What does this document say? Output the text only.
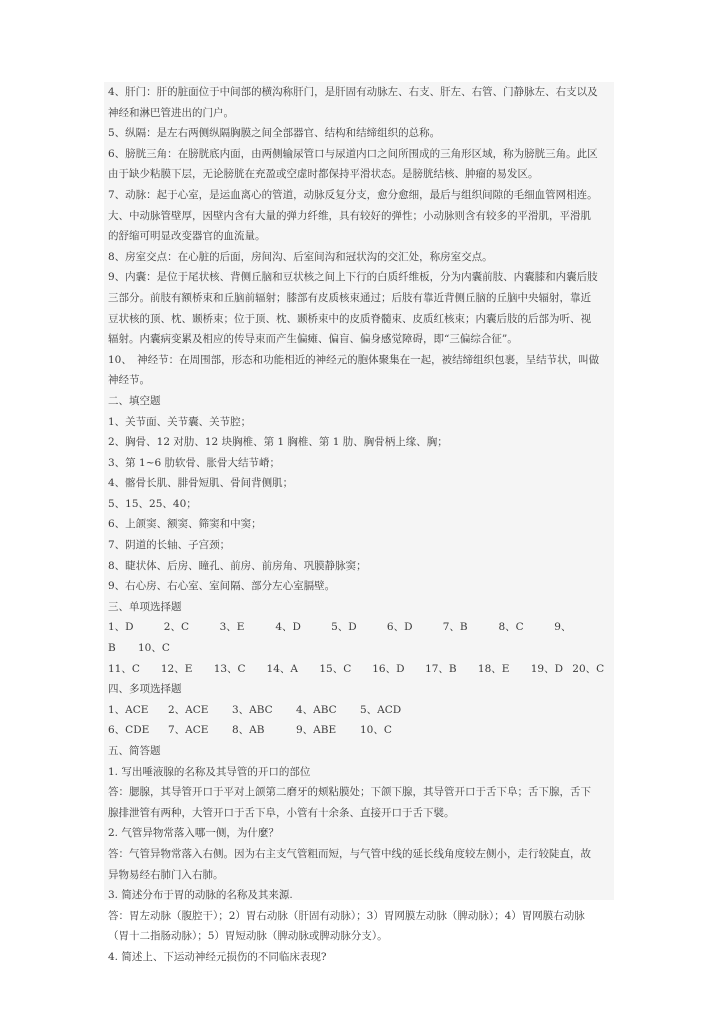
4、肝门：肝的脏面位于中间部的横沟称肝门，是肝固有动脉左、右支、肝左、右管、门静脉左、右支以及
神经和淋巴管进出的门户。
5、纵隔：是左右两侧纵隔胸膜之间全部器官、结构和结缔组织的总称。
6、膀胱三角：在膀胱底内面，由两侧输尿管口与尿道内口之间所围成的三角形区域，称为膀胱三角。此区
由于缺少粘膜下层，无论膀胱在充盈或空虚时都保持平滑状态。是膀胱结核、肿瘤的易发区。
7、动脉：起于心室，是运血离心的管道，动脉反复分支，愈分愈细，最后与组织间隙的毛细血管网相连。
大、中动脉管壁厚，因壁内含有大量的弹力纤维，具有较好的弹性；小动脉则含有较多的平滑肌，平滑肌
的舒缩可明显改变器官的血流量。
8、房室交点：在心脏的后面，房间沟、后室间沟和冠状沟的交汇处，称房室交点。
9、内囊：是位于尾状核、背侧丘脑和豆状核之间上下行的白质纤维板，分为内囊前肢、内囊膝和内囊后肢
三部分。前肢有额桥束和丘脑前辐射；膝部有皮质核束通过；后肢有靠近背侧丘脑的丘脑中央辐射，靠近
豆状核的顶、枕、颞桥束；位于顶、枕、颞桥束中的皮质脊髓束、皮质红核束；内囊后肢的后部为听、视
辐射。内囊病变累及相应的传导束而产生偏瘫、偏盲、偏身感觉障碍，即“三偏综合征”。
10、　神经节：在周围部，形态和功能相近的神经元的胞体聚集在一起，被结缔组织包裹，呈结节状，叫做
神经节。
二、填空题
1、关节面、关节囊、关节腔；
2、胸骨、12 对肋、12 块胸椎、第 1 胸椎、第 1 肋、胸骨柄上缘、胸；
3、第 1~6 肋软骨、胀骨大结节嵴；
4、髂骨长肌、腓骨短肌、骨间背侧肌；
5、15、25、40；
6、上颌窦、额窦、筛窦和中窦；
7、阴道的长轴、子宫颈；
8、睫状体、后房、瞳孔、前房、前房角、巩膜静脉窦；
9、右心房、右心室、室间隔、部分左心室膈壁。
三、单项选择题
1、D	2、C	3、E	4、D	5、D	6、D	7、B	8、C	9、
B	10、C
11、C	12、E	13、C	14、A	15、C	16、D	17、B	18、E	19、D 20、C
四、多项选择题
1、ACE	2、ACE	3、ABC	4、ABC	5、ACD
6、CDE	7、ACE	8、AB	9、ABE	10、C
五、简答题
1. 写出唾液腺的名称及其导管的开口的部位
答：腮腺，其导管开口于平对上颌第二磨牙的颊粘膜处；下颌下腺，其导管开口于舌下阜；舌下腺，舌下
腺排泄管有两种，大管开口于舌下阜，小管有十余条、直接开口于舌下襞。
2. 气管异物常落入哪一侧，为什麼？
答：气管异物常落入右侧。因为右主支气管粗而短，与气管中线的延长线角度较左侧小，走行较陡直，故
异物易经右肺门入右肺。
3. 简述分布于胃的动脉的名称及其来源.
答：胃左动脉（腹腔干）；2）胃右动脉（肝固有动脉）；3）胃网膜左动脉（脾动脉）；4）胃网膜右动脉
（胃十二指肠动脉）；5）胃短动脉（脾动脉或脾动脉分支）。
4. 简述上、下运动神经元损伤的不同临床表现?
